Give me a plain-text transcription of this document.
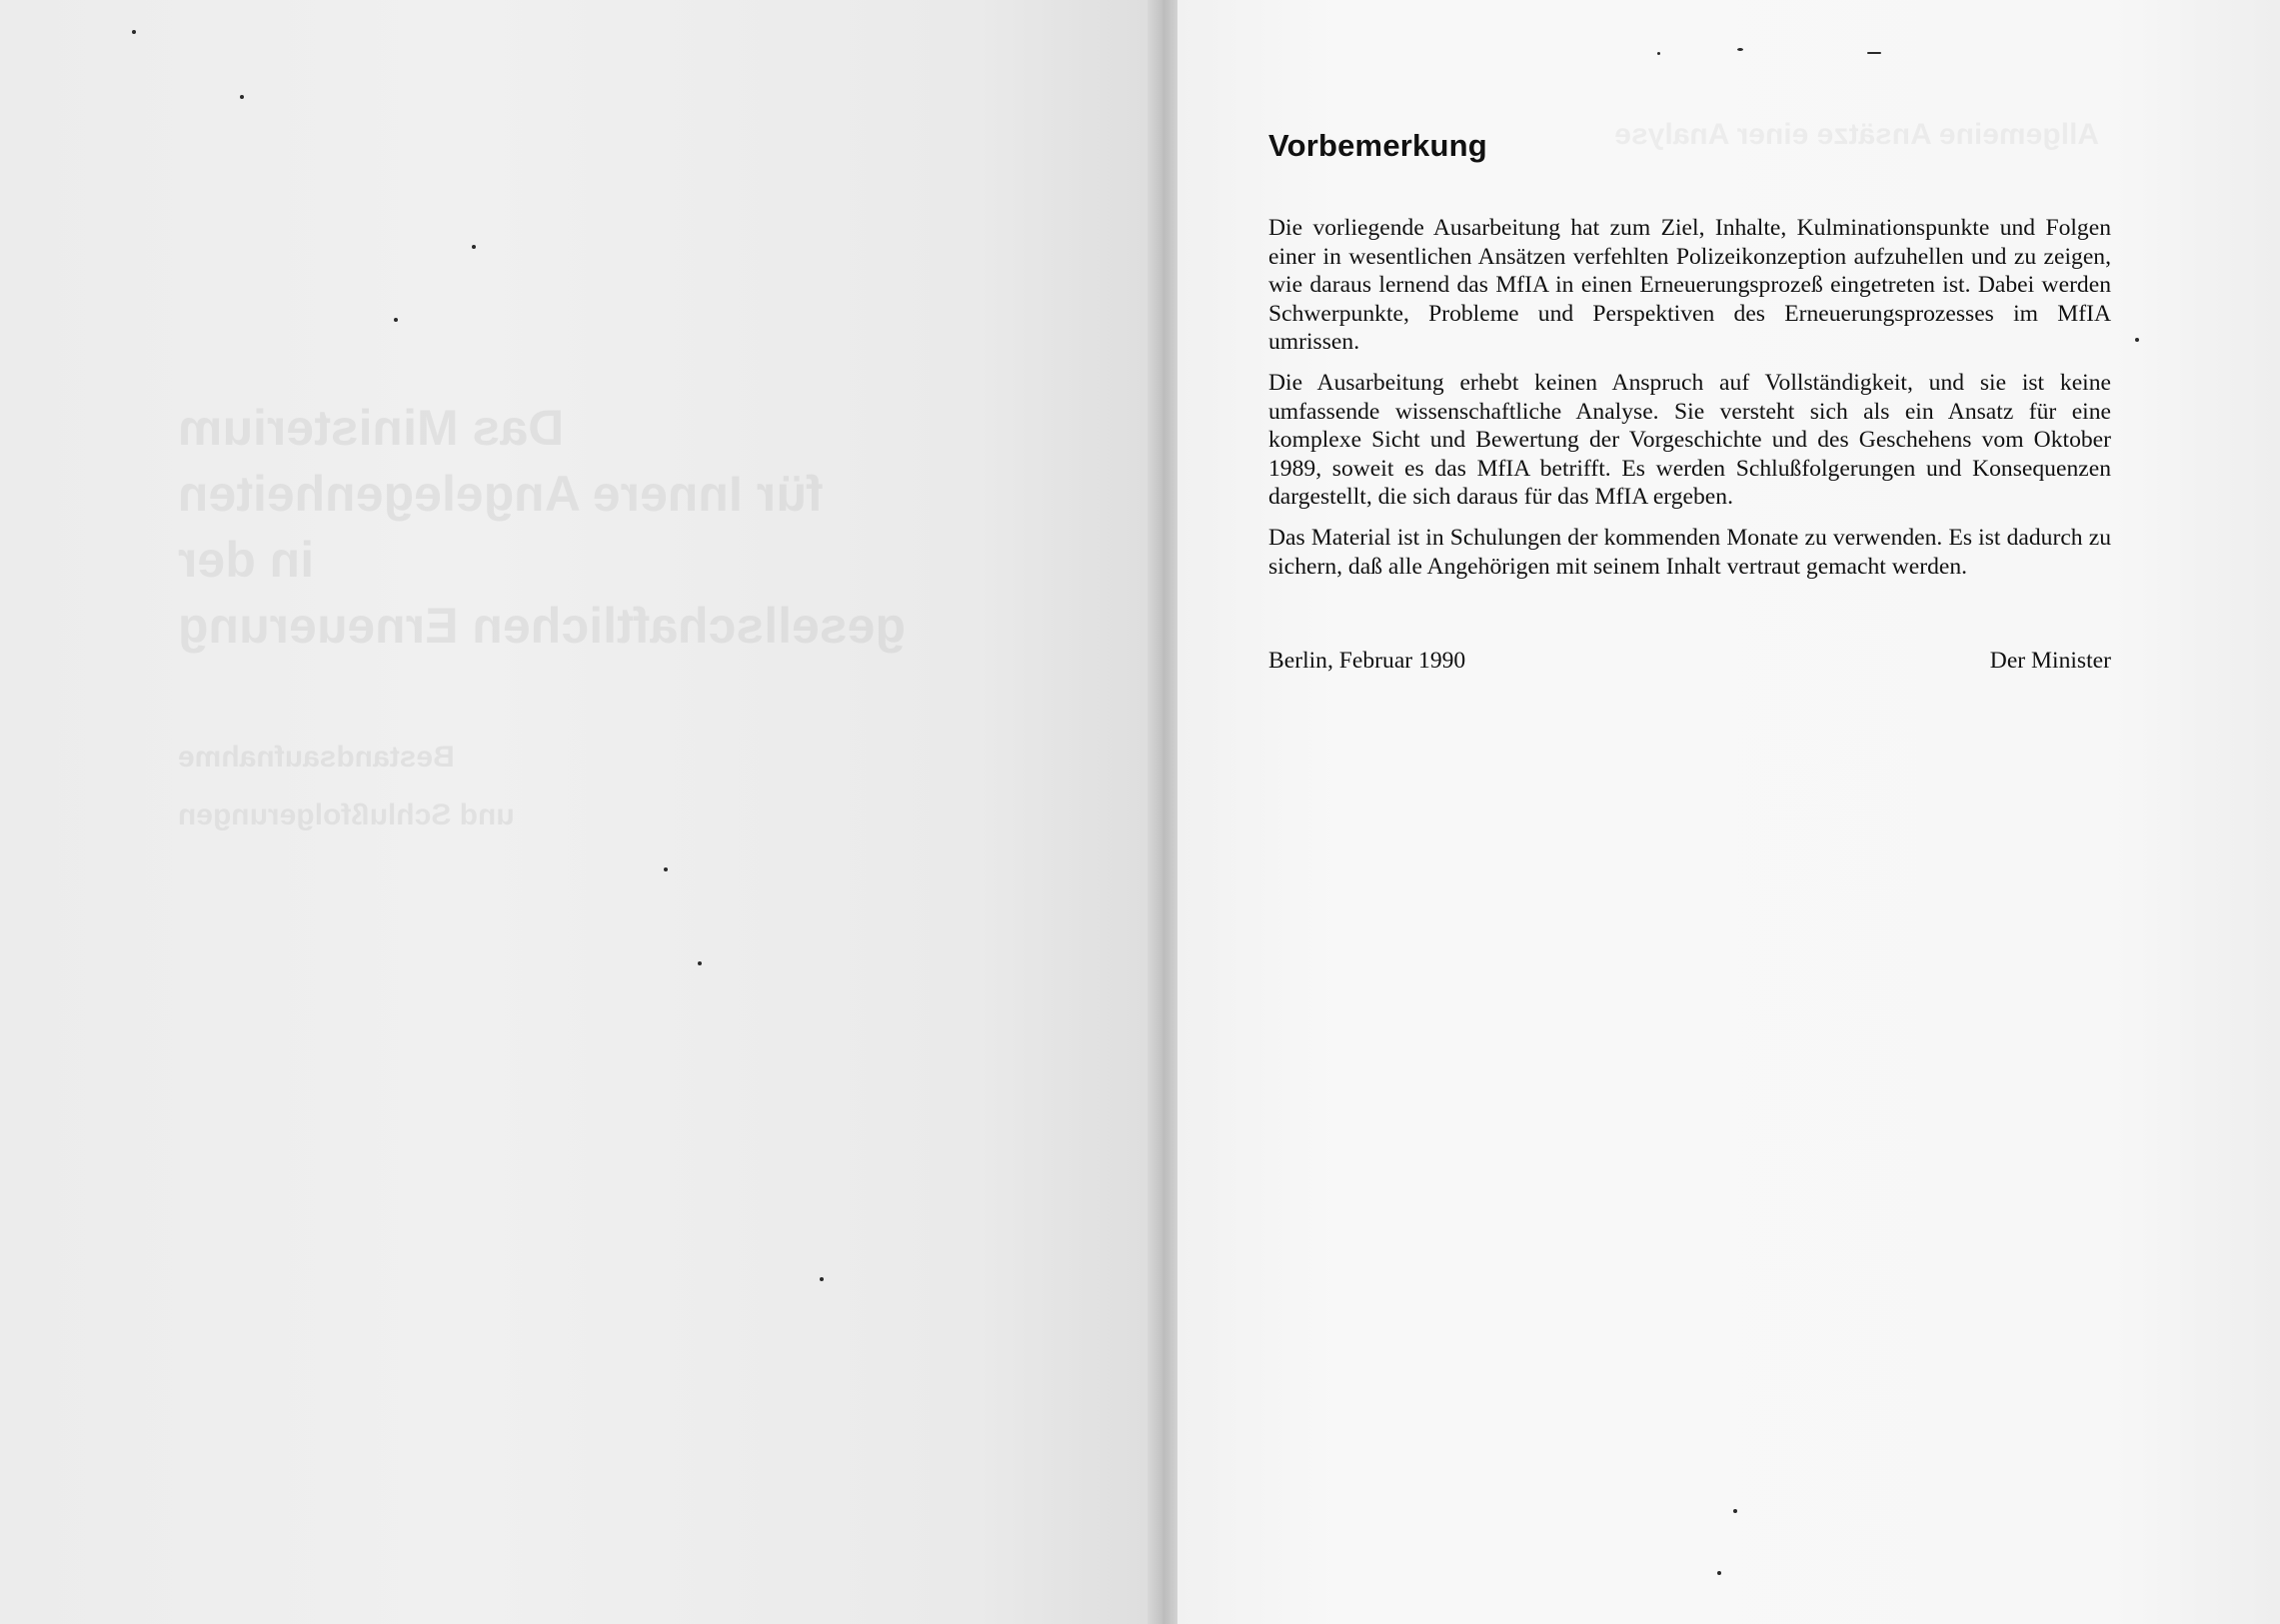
Das Ministerium
für Innere Angelegenheiten
in der
gesellschaftlichen Erneuerung
Bestandsaufnahme
und Schlußfolgerungen
Vorbemerkung

Die vorliegende Ausarbeitung hat zum Ziel, Inhalte, Kulminationspunkte und Folgen einer in wesentlichen Ansätzen verfehlten Polizeikonzeption aufzuhellen und zu zeigen, wie daraus lernend das MfIA in einen Erneuerungsprozeß eingetreten ist. Dabei werden Schwerpunkte, Probleme und Perspektiven des Erneuerungsprozesses im MfIA umrissen.

Die Ausarbeitung erhebt keinen Anspruch auf Vollständigkeit, und sie ist keine umfassende wissenschaftliche Analyse. Sie versteht sich als ein Ansatz für eine komplexe Sicht und Bewertung der Vorgeschichte und des Geschehens vom Oktober 1989, soweit es das MfIA betrifft. Es werden Schlußfolgerungen und Konsequenzen dargestellt, die sich daraus für das MfIA ergeben.

Das Material ist in Schulungen der kommenden Monate zu verwenden. Es ist dadurch zu sichern, daß alle Angehörigen mit seinem Inhalt vertraut gemacht werden.

Berlin, Februar 1990	Der Minister
